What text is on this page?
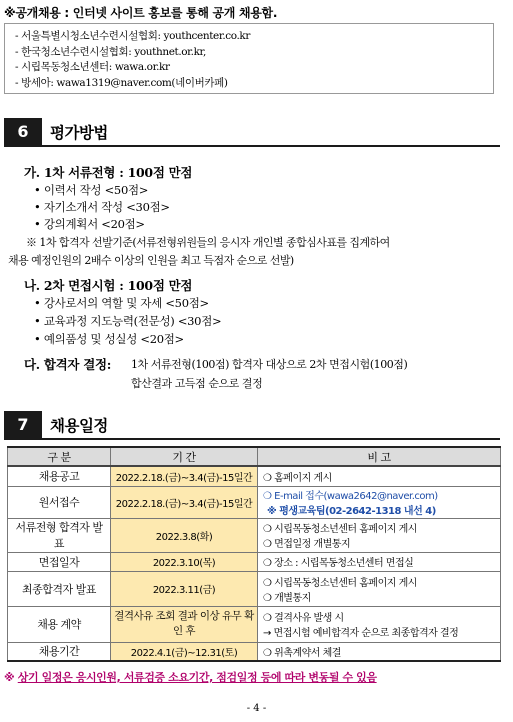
※공개채용 : 인터넷 사이트 홍보를 통해 공개 채용함.
- 서울특별시청소년수련시설협회: youthcenter.co.kr
- 한국청소년수련시설협회: youthnet.or.kr,
- 시립목동청소년센터: wawa.or.kr
- 방세아: wawa1319@naver.com(네이버카페)
6	평가방법
가. 1차 서류전형 : 100점 만점
• 이력서 작성 <50점>
• 자기소개서 작성 <30점>
• 강의계획서 <20점>
※ 1차 합격자 선발기준(서류전형위원들의 응시자 개인별 종합심사표를 집계하여
채용 예정인원의 2배수 이상의 인원을 최고 득점자 순으로 선발)
나. 2차 면접시험 : 100점 만점
• 강사로서의 역할 및 자세 <50점>
• 교육과정 지도능력(전문성) <30점>
• 예의품성 및 성실성 <20점>
다. 합격자 결정: 1차 서류전형(100점) 합격자 대상으로 2차 면접시험(100점)
합산결과 고득점 순으로 결정
7	채용일정
구 분	기 간	비 고
채용공고	2022.2.18.(금)~3.4(금)-15일간	❍ 홈페이지 게시

원서접수	2022.2.18.(금)~3.4(금)-15일간	❍ E-mail 접수(wawa2642@naver.com)
※ 평생교육팀(02-2642-1318 내선 4)

서류전형 합격자 발표	2022.3.8(화)	❍ 시립목동청소년센터 홈페이지 게시
❍ 면접일정 개별통지

면접일자	2022.3.10(목)	❍ 장소 : 시립목동청소년센터 면접실

최종합격자 발표	2022.3.11(금)	❍ 시립목동청소년센터 홈페이지 게시
❍ 개별통지

채용 계약	결격사유 조회 결과 이상 유무 확인 후	❍ 결격사유 발생 시
→ 면접시험 예비합격자 순으로 최종합격자 결정

채용기간	2022.4.1(금)~12.31(토)	❍ 위촉계약서 체결
※ 상기 일정은 응시인원, 서류검증 소요기간, 점검일정 등에 따라 변동될 수 있음
- 4 -
